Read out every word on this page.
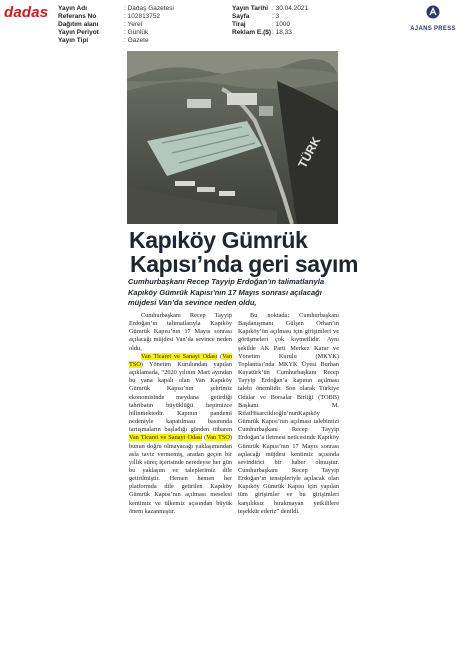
dadas Yayın Adı	: Dadaş Gazetesi
Referans No	: 102813752
Dağıtım alanı	: Yerel
Yayın Periyot	: Günlük
Yayın Tipi	: Gazete
Yayın Tarihi : 30.04.2021
Sayfa	: 3
Tiraj	: 1000
Reklam E.($) : 18,33
AJANS PRESS
TÜRK
Kapıköy Gümrük
Kapısı’nda geri sayım
Cumhurbaşkanı Recep Tayyip Erdoğan’ın talimatlarıyla Kapıköy Gümrük Kapısı’nın 17 Mayıs sonrası açılacağı müjdesi Van’da sevince neden oldu,

Cumhurbaşkanı Recep Tayyip Erdoğan’ın talimatlarıyla Kapıköy Gümrük Kapısı’nın 17 Mayıs sonrası açılacağı müjdesi Van’da sevince neden oldu,

Van Ticaret ve Sanayi Odası (Van TSO) Yönetim Kurulundan yapılan açıklamada, “2020 yılının Mart ayından bu yana kapalı olan Van Kapıköy Gümrük Kapısı’nın şehrimiz ekonomisinde meydana getirdiği tahribatın büyüklüğü hepimizce bilinmektedir. Kapının pandemi nedeniyle kapatılması basınında tartışmaların başladığı günden itibaren Van Ticaret ve Sanayi Odası (Van TSO) bunun doğru olmayacağı yaklaşımından asla taviz vermemiş, aradan geçen bir yıllık süreç içerisinde neredeyse her gün bu yaklaşım ve taleplerimiz dile getirilmiştir. Hemen hemen her platformda dile getirilen Kapıköy Gümrük Kapısı’nın açılması meselesi kentimiz ve ülkemiz açısından büyük önem kazanmıştır.

Bu noktada; Cumhurbaşkanı Başdanışmanı Gülşen Orhan’ın Kapıköy’ün açılması için girişimleri ve görüşmeleri çok kıymetlidir. Aynı şekilde AK Parti Merkez Karar ve Yönetim Kurulu (MKYK) Toplantısı’nda MKYK Üyesi Burhan Kayatürk’ün Cumhurbaşkanı Recep Tayyip Erdoğan’a kapının açılması talebi önemlidir. Son olarak Türkiye Odalar ve Borsalar Birliği (TOBB) Başkanı M. RifatHisarcıklıoğlu’nunKapıköy Gümrük Kapısı’nın açılması talebimizi Cumhurbaşkanı Recep Tayyip Erdoğan’a iletmesi neticesinde Kapıköy Gümrük Kapısı’nın 17 Mayıs sonrası açılacağı müjdesi kentimiz açısında sevindirici bir haber olmuştur. Cumhurbaşkanı Recep Tayyip Erdoğan’ın tensipleriyle açılacak olan Kapıköy Gümrük Kapısı için yapılan tüm girişimler ve bu girişimleri karşılıksız bırakmayan yetkililere teşekkür ederiz” denildi.
